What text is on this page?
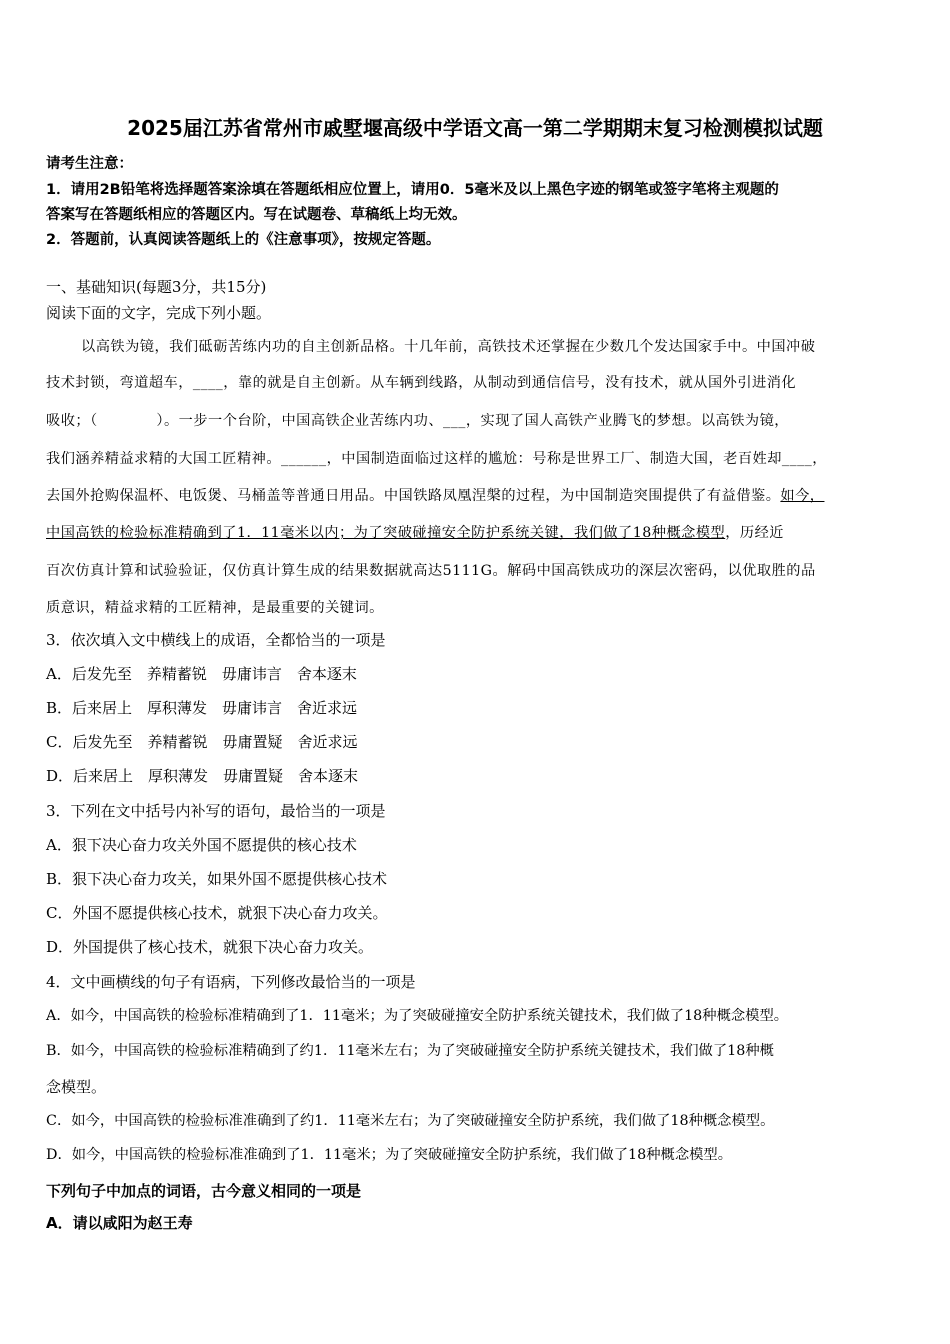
2025届江苏省常州市戚墅堰高级中学语文高一第二学期期末复习检测模拟试题
请考生注意：
1．请用2B铅笔将选择题答案涂填在答题纸相应位置上，请用0．5毫米及以上黑色字迹的钢笔或签字笔将主观题的
答案写在答题纸相应的答题区内。写在试题卷、草稿纸上均无效。
2．答题前，认真阅读答题纸上的《注意事项》，按规定答题。
一、基础知识(每题3分，共15分)
阅读下面的文字，完成下列小题。
以高铁为镜，我们砥砺苦练内功的自主创新品格。十几年前，高铁技术还掌握在少数几个发达国家手中。中国冲破
技术封锁，弯道超车，____，靠的就是自主创新。从车辆到线路，从制动到通信信号，没有技术，就从国外引进消化
吸收；（　　　　）。一步一个台阶，中国高铁企业苦练内功、___，实现了国人高铁产业腾飞的梦想。以高铁为镜，
我们涵养精益求精的大国工匠精神。______，中国制造面临过这样的尴尬：号称是世界工厂、制造大国，老百姓却____，
去国外抢购保温杯、电饭煲、马桶盖等普通日用品。中国铁路凤凰涅槃的过程，为中国制造突围提供了有益借鉴。如今，
中国高铁的检验标准精确到了1．11毫米以内；为了突破碰撞安全防护系统关键，我们做了18种概念模型，历经近
百次仿真计算和试验验证，仅仿真计算生成的结果数据就高达5111G。解码中国高铁成功的深层次密码，以优取胜的品
质意识，精益求精的工匠精神，是最重要的关键词。
3．依次填入文中横线上的成语，全都恰当的一项是
A．后发先至　养精蓄锐　毋庸讳言　舍本逐末
B．后来居上　厚积薄发　毋庸讳言　舍近求远
C．后发先至　养精蓄锐　毋庸置疑　舍近求远
D．后来居上　厚积薄发　毋庸置疑　舍本逐末
3．下列在文中括号内补写的语句，最恰当的一项是
A．狠下决心奋力攻关外国不愿提供的核心技术
B．狠下决心奋力攻关，如果外国不愿提供核心技术
C．外国不愿提供核心技术，就狠下决心奋力攻关。
D．外国提供了核心技术，就狠下决心奋力攻关。
4．文中画横线的句子有语病，下列修改最恰当的一项是
A．如今，中国高铁的检验标准精确到了1．11毫米；为了突破碰撞安全防护系统关键技术，我们做了18种概念模型。
B．如今，中国高铁的检验标准精确到了约1．11毫米左右；为了突破碰撞安全防护系统关键技术，我们做了18种概
念模型。
C．如今，中国高铁的检验标准准确到了约1．11毫米左右；为了突破碰撞安全防护系统，我们做了18种概念模型。
D．如今，中国高铁的检验标准准确到了1．11毫米；为了突破碰撞安全防护系统，我们做了18种概念模型。
下列句子中加点的词语，古今意义相同的一项是
A．请以咸阳为赵王寿
